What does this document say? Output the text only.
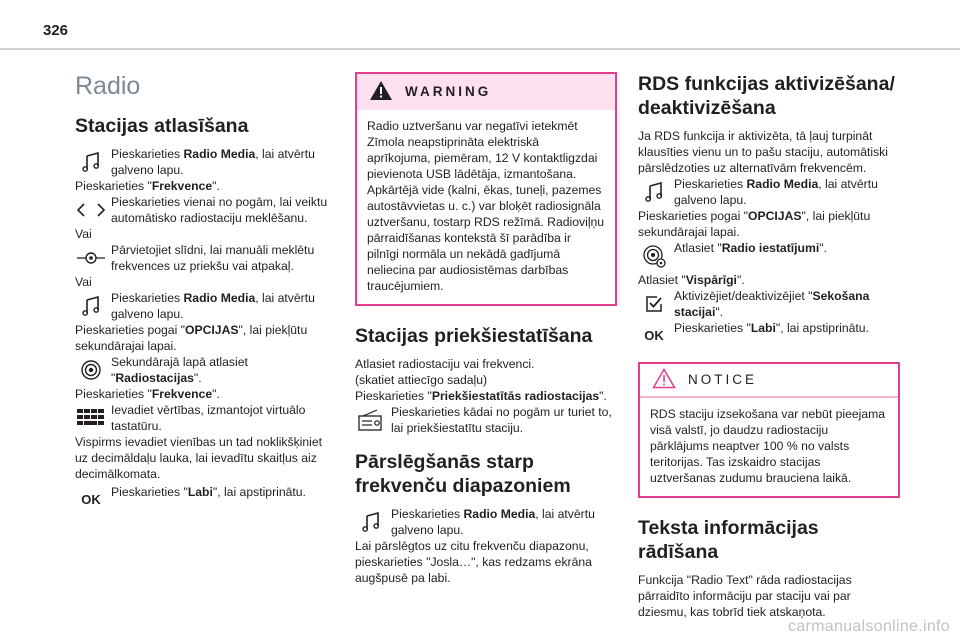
326
Radio
Stacijas atlasīšana
Pieskarieties Radio Media, lai atvērtu galveno lapu.
Pieskarieties "Frekvence".
Pieskarieties vienai no pogām, lai veiktu automātisko radiostaciju meklēšanu.
Vai
Pārvietojiet slīdni, lai manuāli meklētu frekvences uz priekšu vai atpakaļ.
Vai
Pieskarieties Radio Media, lai atvērtu galveno lapu.
Pieskarieties pogai "OPCIJAS", lai piekļūtu sekundārajai lapai.
Sekundārajā lapā atlasiet "Radiostacijas".
Pieskarieties "Frekvence".
Ievadiet vērtības, izmantojot virtuālo tastatūru.
Vispirms ievadiet vienības un tad noklikšķiniet uz decimāldaļu lauka, lai ievadītu skaitļus aiz decimālkomata.
OK Pieskarieties "Labi", lai apstiprinātu.
WARNING
Radio uztveršanu var negatīvi ietekmēt Zīmola neapstiprināta elektriskā aprīkojuma, piemēram, 12 V kontaktligzdai pievienota USB lādētāja, izmantošana.
Apkārtējā vide (kalni, ēkas, tuneļi, pazemes autostāvvietas u. c.) var bloķēt radiosignāla uztveršanu, tostarp RDS režīmā. Radioviļņu pārraidīšanas kontekstā šī parādība ir pilnīgi normāla un nekādā gadījumā neliecina par audiosistēmas darbības traucējumiem.
Stacijas priekšiestatīšana
Atlasiet radiostaciju vai frekvenci.
(skatiet attiecīgo sadaļu)
Pieskarieties "Priekšiestatītās radiostacijas".
Pieskarieties kādai no pogām ur turiet to, lai priekšiestatītu staciju.
Pārslēgšanās starp frekvenču diapazoniem
Pieskarieties Radio Media, lai atvērtu galveno lapu.
Lai pārslēgtos uz citu frekvenču diapazonu, pieskarieties "Josla…", kas redzams ekrāna augšpusē pa labi.
RDS funkcijas aktivizēšana/ deaktivizēšana
Ja RDS funkcija ir aktivizēta, tā ļauj turpināt klausīties vienu un to pašu staciju, automātiski pārslēdzoties uz alternatīvām frekvencēm.
Pieskarieties Radio Media, lai atvērtu galveno lapu.
Pieskarieties pogai "OPCIJAS", lai piekļūtu sekundārajai lapai.
Atlasiet "Radio iestatījumi".
Atlasiet "Vispārīgi".
Aktivizējiet/deaktivizējiet "Sekošana stacijai".
OK Pieskarieties "Labi", lai apstiprinātu.
NOTICE
RDS staciju izsekošana var nebūt pieejama visā valstī, jo daudzu radiostaciju pārklājums neaptver 100 % no valsts teritorijas. Tas izskaidro stacijas uztveršanas zudumu brauciena laikā.
Teksta informācijas rādīšana
Funkcija "Radio Text" rāda radiostacijas pārraidīto informāciju par staciju vai par dziesmu, kas tobrīd tiek atskaņota.
carmanualsonline.info
